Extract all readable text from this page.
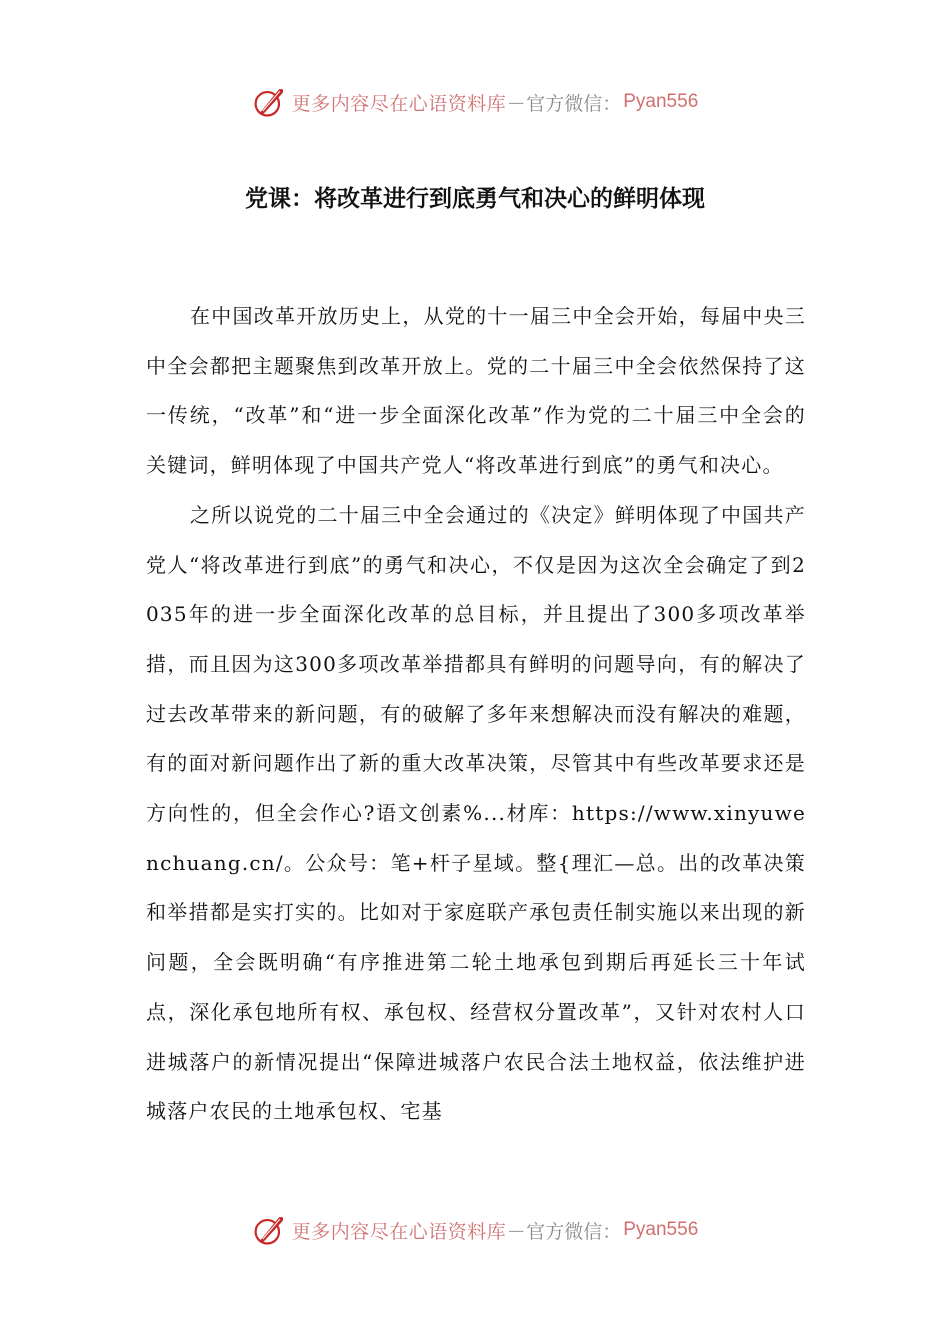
更多内容尽在心语资料库 — 官方微信： Pyan556
党课：将改革进行到底勇气和决心的鲜明体现

在中国改革开放历史上，从党的十一届三中全会开始，每届中央三中全会都把主题聚焦到改革开放上。党的二十届三中全会依然保持了这一传统，“改革”和“进一步全面深化改革”作为党的二十届三中全会的关键词，鲜明体现了中国共产党人“将改革进行到底”的勇气和决心。

之所以说党的二十届三中全会通过的《决定》鲜明体现了中国共产党人“将改革进行到底”的勇气和决心，不仅是因为这次全会确定了到2035年的进一步全面深化改革的总目标，并且提出了300多项改革举措，而且因为这300多项改革举措都具有鲜明的问题导向，有的解决了过去改革带来的新问题，有的破解了多年来想解决而没有解决的难题，有的面对新问题作出了新的重大改革决策，尽管其中有些改革要求还是方向性的，但全会作心?语文创素%...材库：https://www.xinyuwenchuang.cn/。公众号：笔+杆子星域。整{理汇—总。出的改革决策和举措都是实打实的。比如对于家庭联产承包责任制实施以来出现的新问题，全会既明确“有序推进第二轮土地承包到期后再延长三十年试点，深化承包地所有权、承包权、经营权分置改革”，又针对农村人口进城落户的新情况提出“保障进城落户农民合法土地权益，依法维护进城落户农民的土地承包权、宅基

更多内容尽在心语资料库 — 官方微信： Pyan556
